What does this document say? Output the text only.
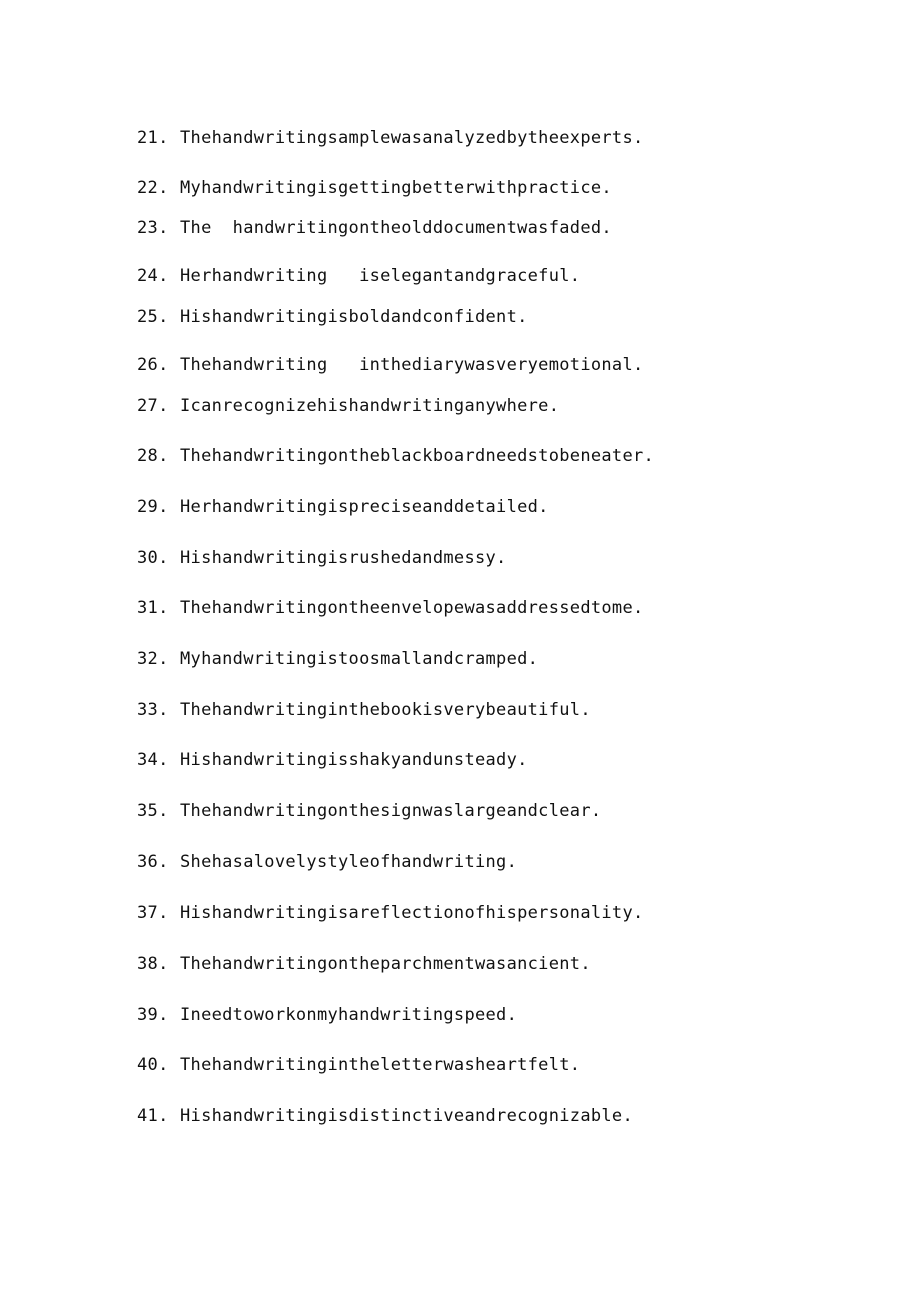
21. Thehandwritingsamplewasanalyzedbytheexperts.
22. Myhandwritingisgettingbetterwithpractice.
23. The  handwritingontheolddocumentwasfaded.
24. Herhandwriting   iselegantandgraceful.
25. Hishandwritingisboldandconfident.
26. Thehandwriting   inthediarywasveryemotional.
27. Icanrecognizehishandwritinganywhere.
28. Thehandwritingontheblackboardneedstobeneater.
29. Herhandwritingispreciseanddetailed.
30. Hishandwritingisrushedandmessy.
31. Thehandwritingontheenvelopewasaddressedtome.
32. Myhandwritingistoosmallandcramped.
33. Thehandwritinginthebookisverybeautiful.
34. Hishandwritingisshakyandunsteady.
35. Thehandwritingonthesignwaslargeandclear.
36. Shehasalovelystyleofhandwriting.
37. Hishandwritingisareflectionofhispersonality.
38. Thehandwritingontheparchmentwasancient.
39. Ineedtoworkonmyhandwritingspeed.
40. Thehandwritingintheletterwasheartfelt.
41. Hishandwritingisdistinctiveandrecognizable.
